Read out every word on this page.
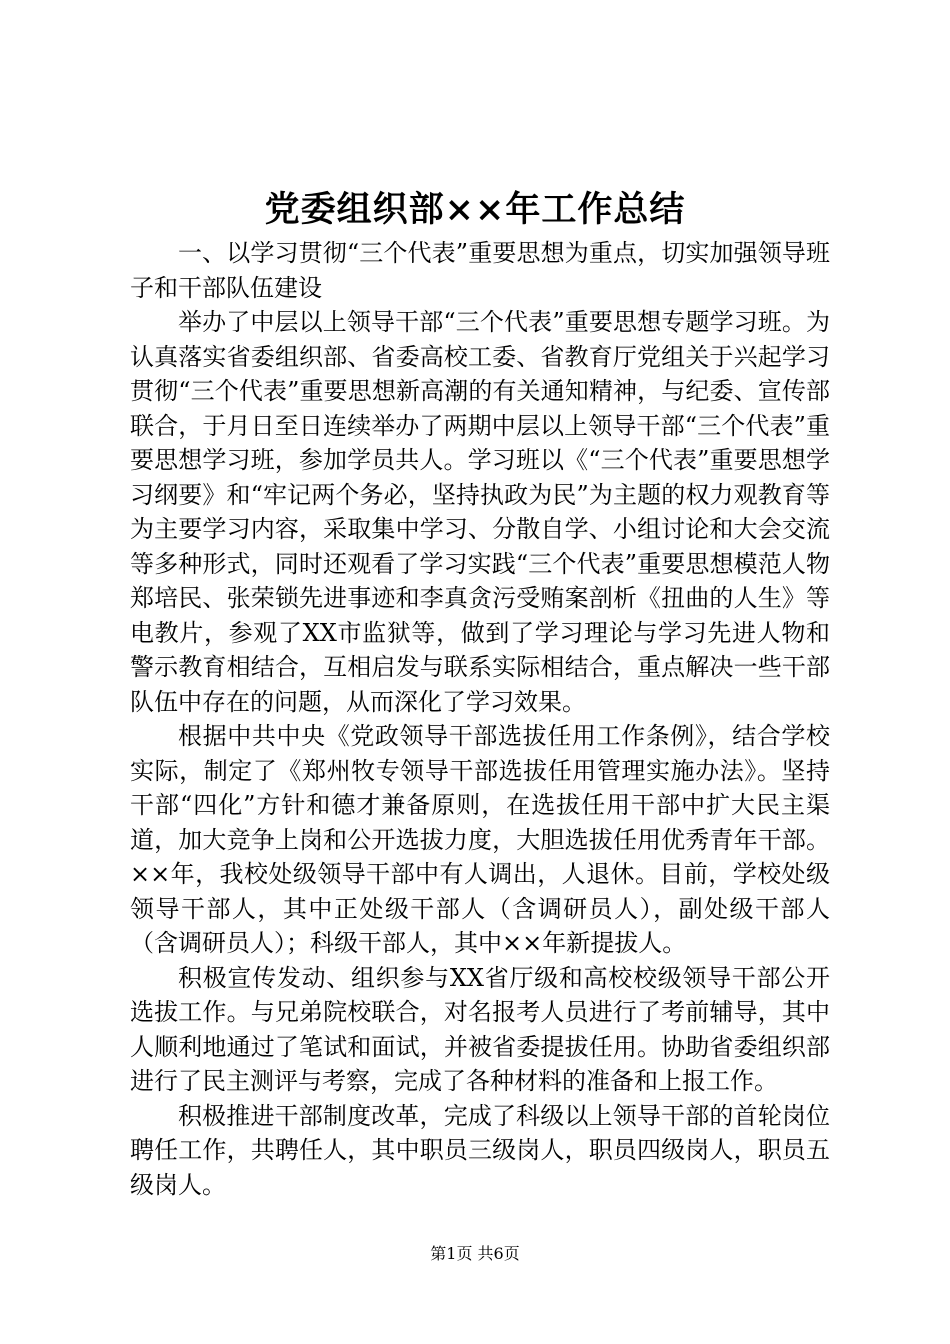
党委组织部××年工作总结

一、以学习贯彻“三个代表”重要思想为重点，切实加强领导班子和干部队伍建设

举办了中层以上领导干部“三个代表”重要思想专题学习班。为认真落实省委组织部、省委高校工委、省教育厅党组关于兴起学习贯彻“三个代表”重要思想新高潮的有关通知精神，与纪委、宣传部联合，于月日至日连续举办了两期中层以上领导干部“三个代表”重要思想学习班，参加学员共人。学习班以《“三个代表”重要思想学习纲要》和“牢记两个务必，坚持执政为民”为主题的权力观教育等为主要学习内容，采取集中学习、分散自学、小组讨论和大会交流等多种形式，同时还观看了学习实践“三个代表”重要思想模范人物郑培民、张荣锁先进事迹和李真贪污受贿案剖析《扭曲的人生》等电教片，参观了XX市监狱等，做到了学习理论与学习先进人物和警示教育相结合，互相启发与联系实际相结合，重点解决一些干部队伍中存在的问题，从而深化了学习效果。

根据中共中央《党政领导干部选拔任用工作条例》，结合学校实际，制定了《郑州牧专领导干部选拔任用管理实施办法》。坚持干部“四化”方针和德才兼备原则，在选拔任用干部中扩大民主渠道，加大竞争上岗和公开选拔力度，大胆选拔任用优秀青年干部。××年，我校处级领导干部中有人调出，人退休。目前，学校处级领导干部人，其中正处级干部人（含调研员人），副处级干部人（含调研员人）；科级干部人，其中××年新提拔人。

积极宣传发动、组织参与XX省厅级和高校校级领导干部公开选拔工作。与兄弟院校联合，对名报考人员进行了考前辅导，其中人顺利地通过了笔试和面试，并被省委提拔任用。协助省委组织部进行了民主测评与考察，完成了各种材料的准备和上报工作。

积极推进干部制度改革，完成了科级以上领导干部的首轮岗位聘任工作，共聘任人，其中职员三级岗人，职员四级岗人，职员五级岗人。

第1页 共6页
